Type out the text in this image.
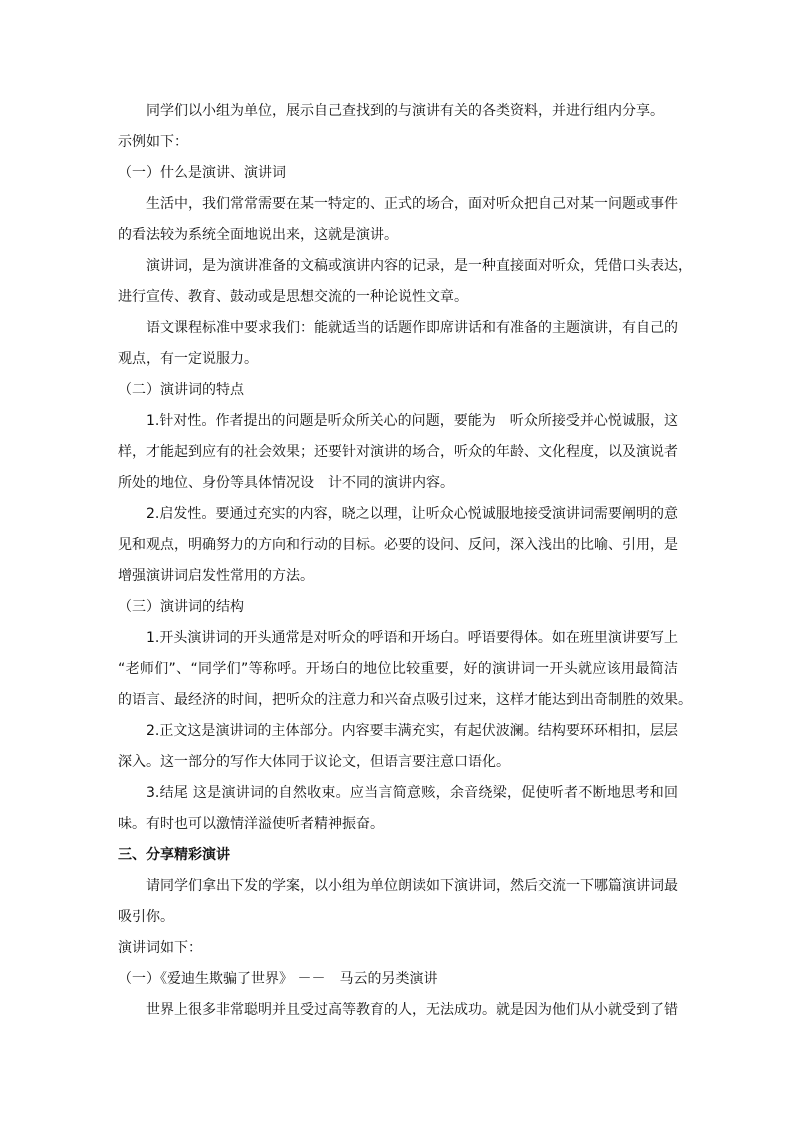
同学们以小组为单位，展示自己查找到的与演讲有关的各类资料，并进行组内分享。
示例如下：
（一）什么是演讲、演讲词
生活中，我们常常需要在某一特定的、正式的场合，面对听众把自己对某一问题或事件
的看法较为系统全面地说出来，这就是演讲。
演讲词，是为演讲准备的文稿或演讲内容的记录，是一种直接面对听众，凭借口头表达，
进行宣传、教育、鼓动或是思想交流的一种论说性文章。
语文课程标准中要求我们：能就适当的话题作即席讲话和有准备的主题演讲，有自己的
观点，有一定说服力。
（二）演讲词的特点
1.针对性。作者提出的问题是听众所关心的问题，要能为　听众所接受并心悦诚服，这
样，才能起到应有的社会效果；还要针对演讲的场合，听众的年龄、文化程度，以及演说者
所处的地位、身份等具体情况设　计不同的演讲内容。
2.启发性。要通过充实的内容，晓之以理，让听众心悦诚服地接受演讲词需要阐明的意
见和观点，明确努力的方向和行动的目标。必要的设问、反问，深入浅出的比喻、引用，是
增强演讲词启发性常用的方法。
（三）演讲词的结构
1.开头演讲词的开头通常是对听众的呼语和开场白。呼语要得体。如在班里演讲要写上
“老师们”、“同学们”等称呼。开场白的地位比较重要，好的演讲词一开头就应该用最简洁
的语言、最经济的时间，把听众的注意力和兴奋点吸引过来，这样才能达到出奇制胜的效果。
2.正文这是演讲词的主体部分。内容要丰满充实，有起伏波澜。结构要环环相扣，层层
深入。这一部分的写作大体同于议论文，但语言要注意口语化。
3.结尾 这是演讲词的自然收束。应当言简意赅，余音绕梁，促使听者不断地思考和回
味。有时也可以激情洋溢使听者精神振奋。
三、分享精彩演讲
请同学们拿出下发的学案，以小组为单位朗读如下演讲词，然后交流一下哪篇演讲词最
吸引你。
演讲词如下：
（一）《爱迪生欺骗了世界》 －－　马云的另类演讲
世界上很多非常聪明并且受过高等教育的人，无法成功。就是因为他们从小就受到了错
